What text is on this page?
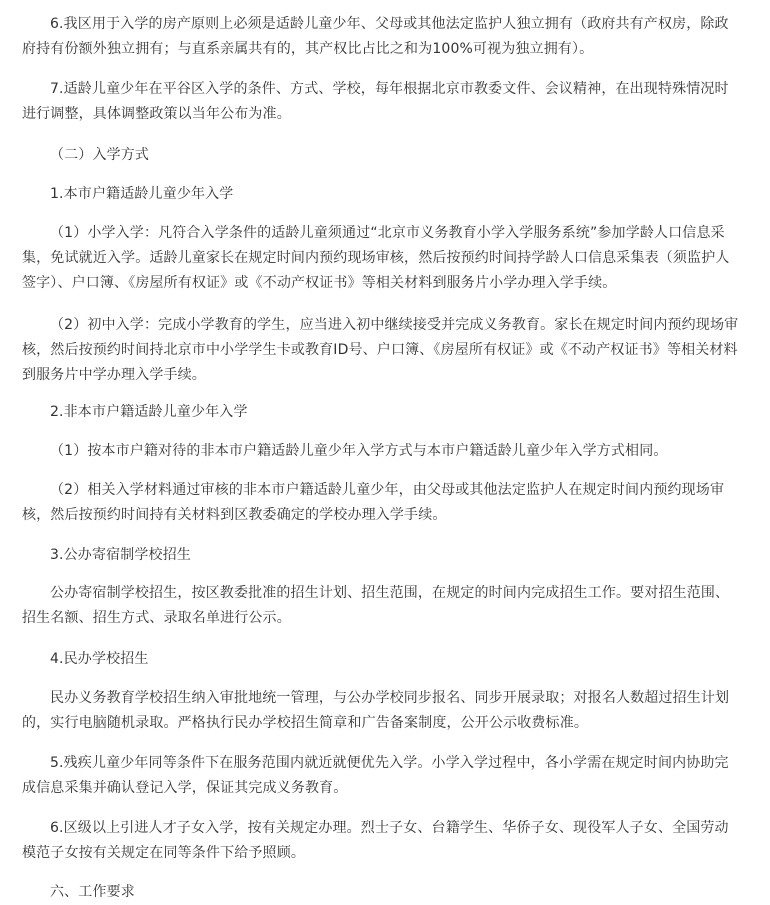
6.我区用于入学的房产原则上必须是适龄儿童少年、父母或其他法定监护人独立拥有（政府共有产权房，除政府持有份额外独立拥有；与直系亲属共有的，其产权比占比之和为100%可视为独立拥有）。

7.适龄儿童少年在平谷区入学的条件、方式、学校，每年根据北京市教委文件、会议精神，在出现特殊情况时进行调整，具体调整政策以当年公布为准。

（二）入学方式

1.本市户籍适龄儿童少年入学

（1）小学入学：凡符合入学条件的适龄儿童须通过“北京市义务教育小学入学服务系统”参加学龄人口信息采集，免试就近入学。适龄儿童家长在规定时间内预约现场审核，然后按预约时间持学龄人口信息采集表（须监护人签字）、户口簿、《房屋所有权证》或《不动产权证书》等相关材料到服务片小学办理入学手续。

（2）初中入学：完成小学教育的学生，应当进入初中继续接受并完成义务教育。家长在规定时间内预约现场审核，然后按预约时间持北京市中小学学生卡或教育ID号、户口簿、《房屋所有权证》或《不动产权证书》等相关材料到服务片中学办理入学手续。

2.非本市户籍适龄儿童少年入学

（1）按本市户籍对待的非本市户籍适龄儿童少年入学方式与本市户籍适龄儿童少年入学方式相同。

（2）相关入学材料通过审核的非本市户籍适龄儿童少年，由父母或其他法定监护人在规定时间内预约现场审核，然后按预约时间持有关材料到区教委确定的学校办理入学手续。

3.公办寄宿制学校招生

公办寄宿制学校招生，按区教委批准的招生计划、招生范围，在规定的时间内完成招生工作。要对招生范围、招生名额、招生方式、录取名单进行公示。

4.民办学校招生

民办义务教育学校招生纳入审批地统一管理，与公办学校同步报名、同步开展录取；对报名人数超过招生计划的，实行电脑随机录取。严格执行民办学校招生简章和广告备案制度，公开公示收费标准。

5.残疾儿童少年同等条件下在服务范围内就近就便优先入学。小学入学过程中，各小学需在规定时间内协助完成信息采集并确认登记入学，保证其完成义务教育。

6.区级以上引进人才子女入学，按有关规定办理。烈士子女、台籍学生、华侨子女、现役军人子女、全国劳动模范子女按有关规定在同等条件下给予照顾。

六、工作要求
